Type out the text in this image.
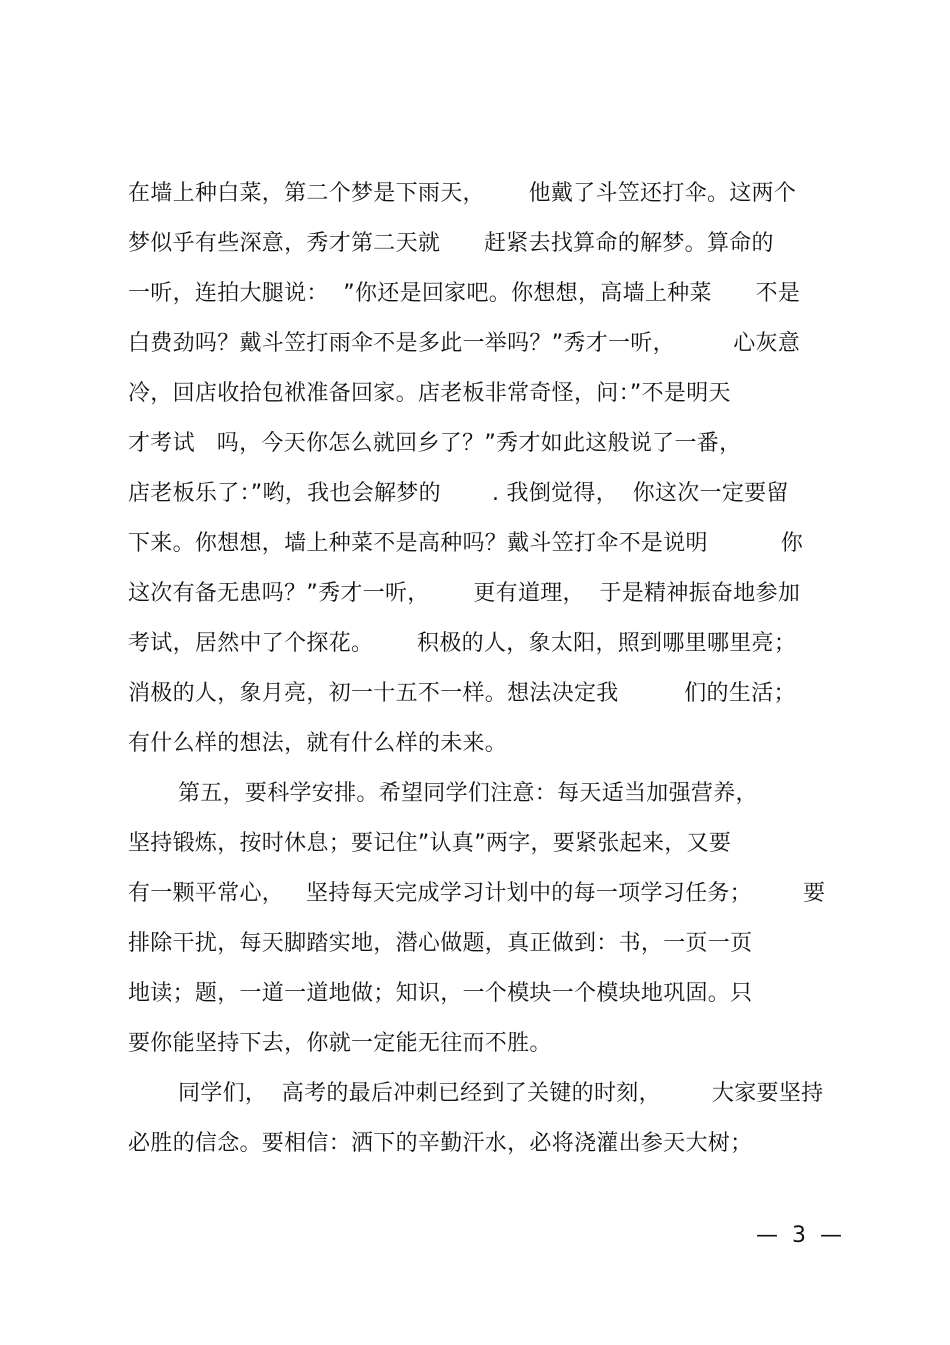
在墙上种白菜，第二个梦是下雨天，      他戴了斗笠还打伞。这两个
梦似乎有些深意，秀才第二天就      赶紧去找算命的解梦。算命的
一听，连拍大腿说：  ”你还是回家吧。你想想，高墙上种菜      不是
白费劲吗？戴斗笠打雨伞不是多此一举吗？”秀才一听，        心灰意
冷，回店收拾包袱准备回家。店老板非常奇怪，问：”不是明天
才考试   吗，今天你怎么就回乡了？”秀才如此这般说了一番，
店老板乐了：”哟，我也会解梦的       . 我倒觉得，  你这次一定要留
下来。你想想，墙上种菜不是高种吗？戴斗笠打伞不是说明          你
这次有备无患吗？”秀才一听，      更有道理，  于是精神振奋地参加
考试，居然中了个探花。      积极的人，象太阳，照到哪里哪里亮；
消极的人，象月亮，初一十五不一样。想法决定我         们的生活；
有什么样的想法，就有什么样的未来。
第五，要科学安排。希望同学们注意：每天适当加强营养，
坚持锻炼，按时休息；要记住”认真”两字，要紧张起来，又要
有一颗平常心，   坚持每天完成学习计划中的每一项学习任务；       要
排除干扰，每天脚踏实地，潜心做题，真正做到：书，一页一页
地读；题，一道一道地做；知识，一个模块一个模块地巩固。只
要你能坚持下去，你就一定能无往而不胜。
同学们，  高考的最后冲刺已经到了关键的时刻，       大家要坚持
必胜的信念。要相信：洒下的辛勤汗水，必将浇灌出参天大树；
—  3  —
